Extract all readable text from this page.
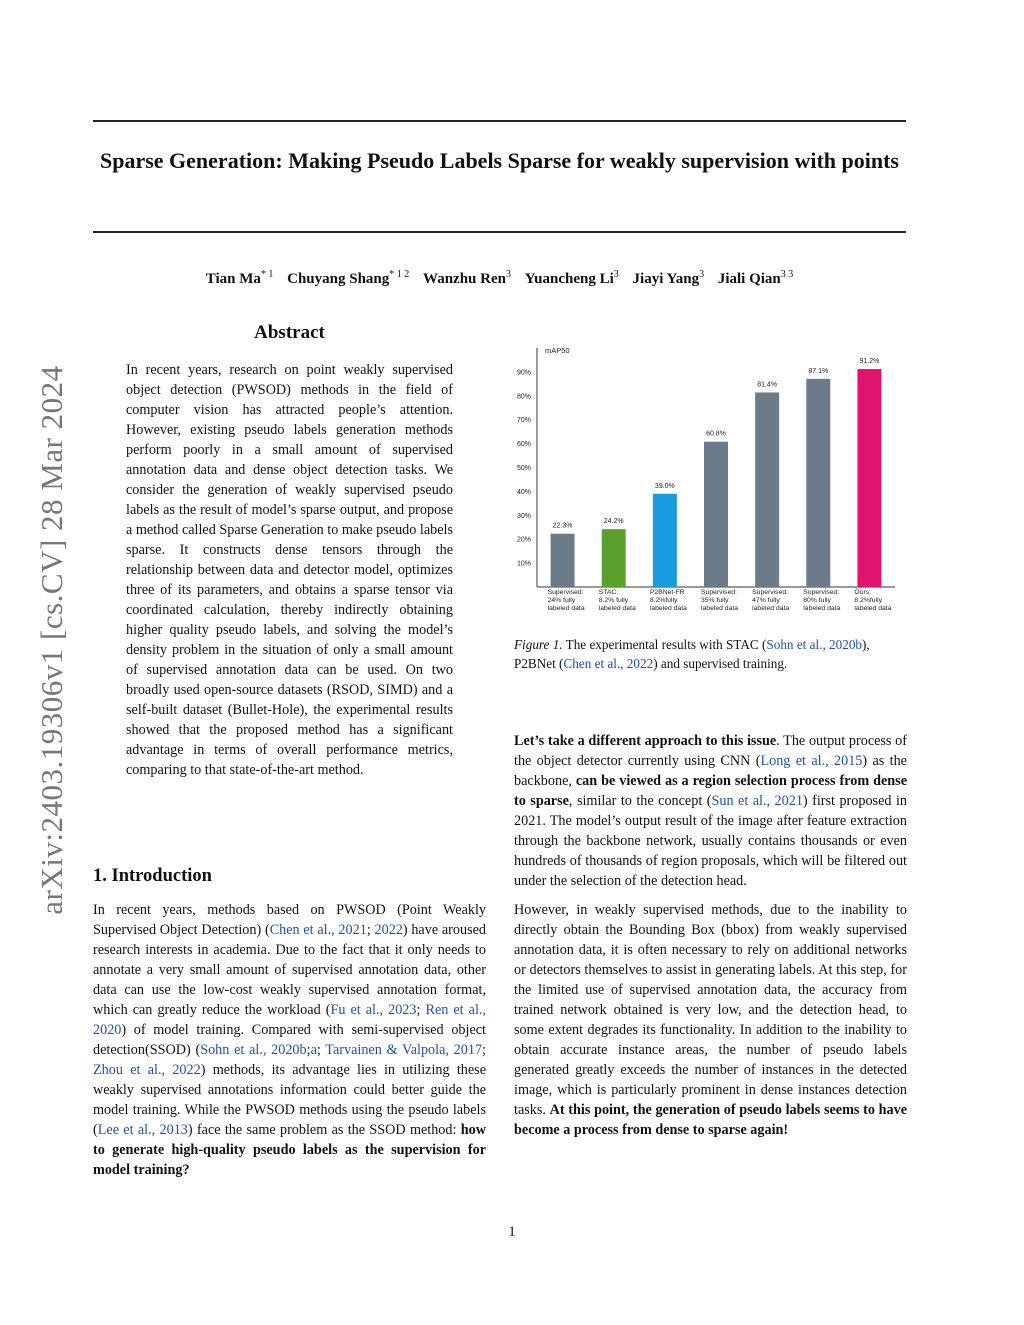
arXiv:2403.19306v1 [cs.CV] 28 Mar 2024
Sparse Generation: Making Pseudo Labels Sparse for weakly supervision with points
Tian Ma$^{* 1}$ Chuyang Shang$^{* 1 2}$ Wanzhu Ren$^3$ Yuancheng Li$^3$ Jiayi Yang$^3$ Jiali Qian$^{3 3}$
Abstract

In recent years, research on point weakly supervised object detection (PWSOD) methods in the field of computer vision has attracted people’s attention. However, existing pseudo labels generation methods perform poorly in a small amount of supervised annotation data and dense object detection tasks. We consider the generation of weakly supervised pseudo labels as the result of model’s sparse output, and propose a method called Sparse Generation to make pseudo labels sparse. It constructs dense tensors through the relationship between data and detector model, optimizes three of its parameters, and obtains a sparse tensor via coordinated calculation, thereby indirectly obtaining higher quality pseudo labels, and solving the model’s density problem in the situation of only a small amount of supervised annotation data can be used. On two broadly used open-source datasets (RSOD, SIMD) and a self-built dataset (Bullet-Hole), the experimental results showed that the proposed method has a significant advantage in terms of overall performance metrics, comparing to that state-of-the-art method.

1. Introduction

In recent years, methods based on PWSOD (Point Weakly Supervised Object Detection) (Chen et al., 2021; 2022) have aroused research interests in academia. Due to the fact that it only needs to annotate a very small amount of supervised annotation data, other data can use the low-cost weakly supervised annotation format, which can greatly reduce the workload (Fu et al., 2023; Ren et al., 2020) of model training. Compared with semi-supervised object detection(SSOD) (Sohn et al., 2020b;a; Tarvainen & Valpola, 2017; Zhou et al., 2022) methods, its advantage lies in utilizing these weakly supervised annotations information could better guide the model training. While the PWSOD methods using the pseudo labels (Lee et al., 2013) face the same problem as the SSOD method: how to generate high-quality pseudo labels as the supervision for model training?

mAP50
10%
20%
30%
40%
50%
60%
70%
80%
90%
22.3%
24.2%
39.0%
60.8%
81.4%
87.1%
91.2%
Supervised:
24% fully
labeled data
STAC:
8.2% fully
labeled data
P2BNet-FR
8.2%fully
labeled data
Supervised:
35% fully
labeled data
Supervised:
47% fully
labeled data
Supervised:
80% fully
labeled data
Ours:
8.2%fully
labeled data

Figure 1. The experimental results with STAC (Sohn et al., 2020b), P2BNet (Chen et al., 2022) and supervised training.

Let’s take a different approach to this issue. The output process of the object detector currently using CNN (Long et al., 2015) as the backbone, can be viewed as a region selection process from dense to sparse, similar to the concept (Sun et al., 2021) first proposed in 2021. The model’s output result of the image after feature extraction through the backbone network, usually contains thousands or even hundreds of thousands of region proposals, which will be filtered out under the selection of the detection head.

However, in weakly supervised methods, due to the inability to directly obtain the Bounding Box (bbox) from weakly supervised annotation data, it is often necessary to rely on additional networks or detectors themselves to assist in generating labels. At this step, for the limited use of supervised annotation data, the accuracy from trained network obtained is very low, and the detection head, to some extent degrades its functionality. In addition to the inability to obtain accurate instance areas, the number of pseudo labels generated greatly exceeds the number of instances in the detected image, which is particularly prominent in dense instances detection tasks. At this point, the generation of pseudo labels seems to have become a process from dense to sparse again!

1
